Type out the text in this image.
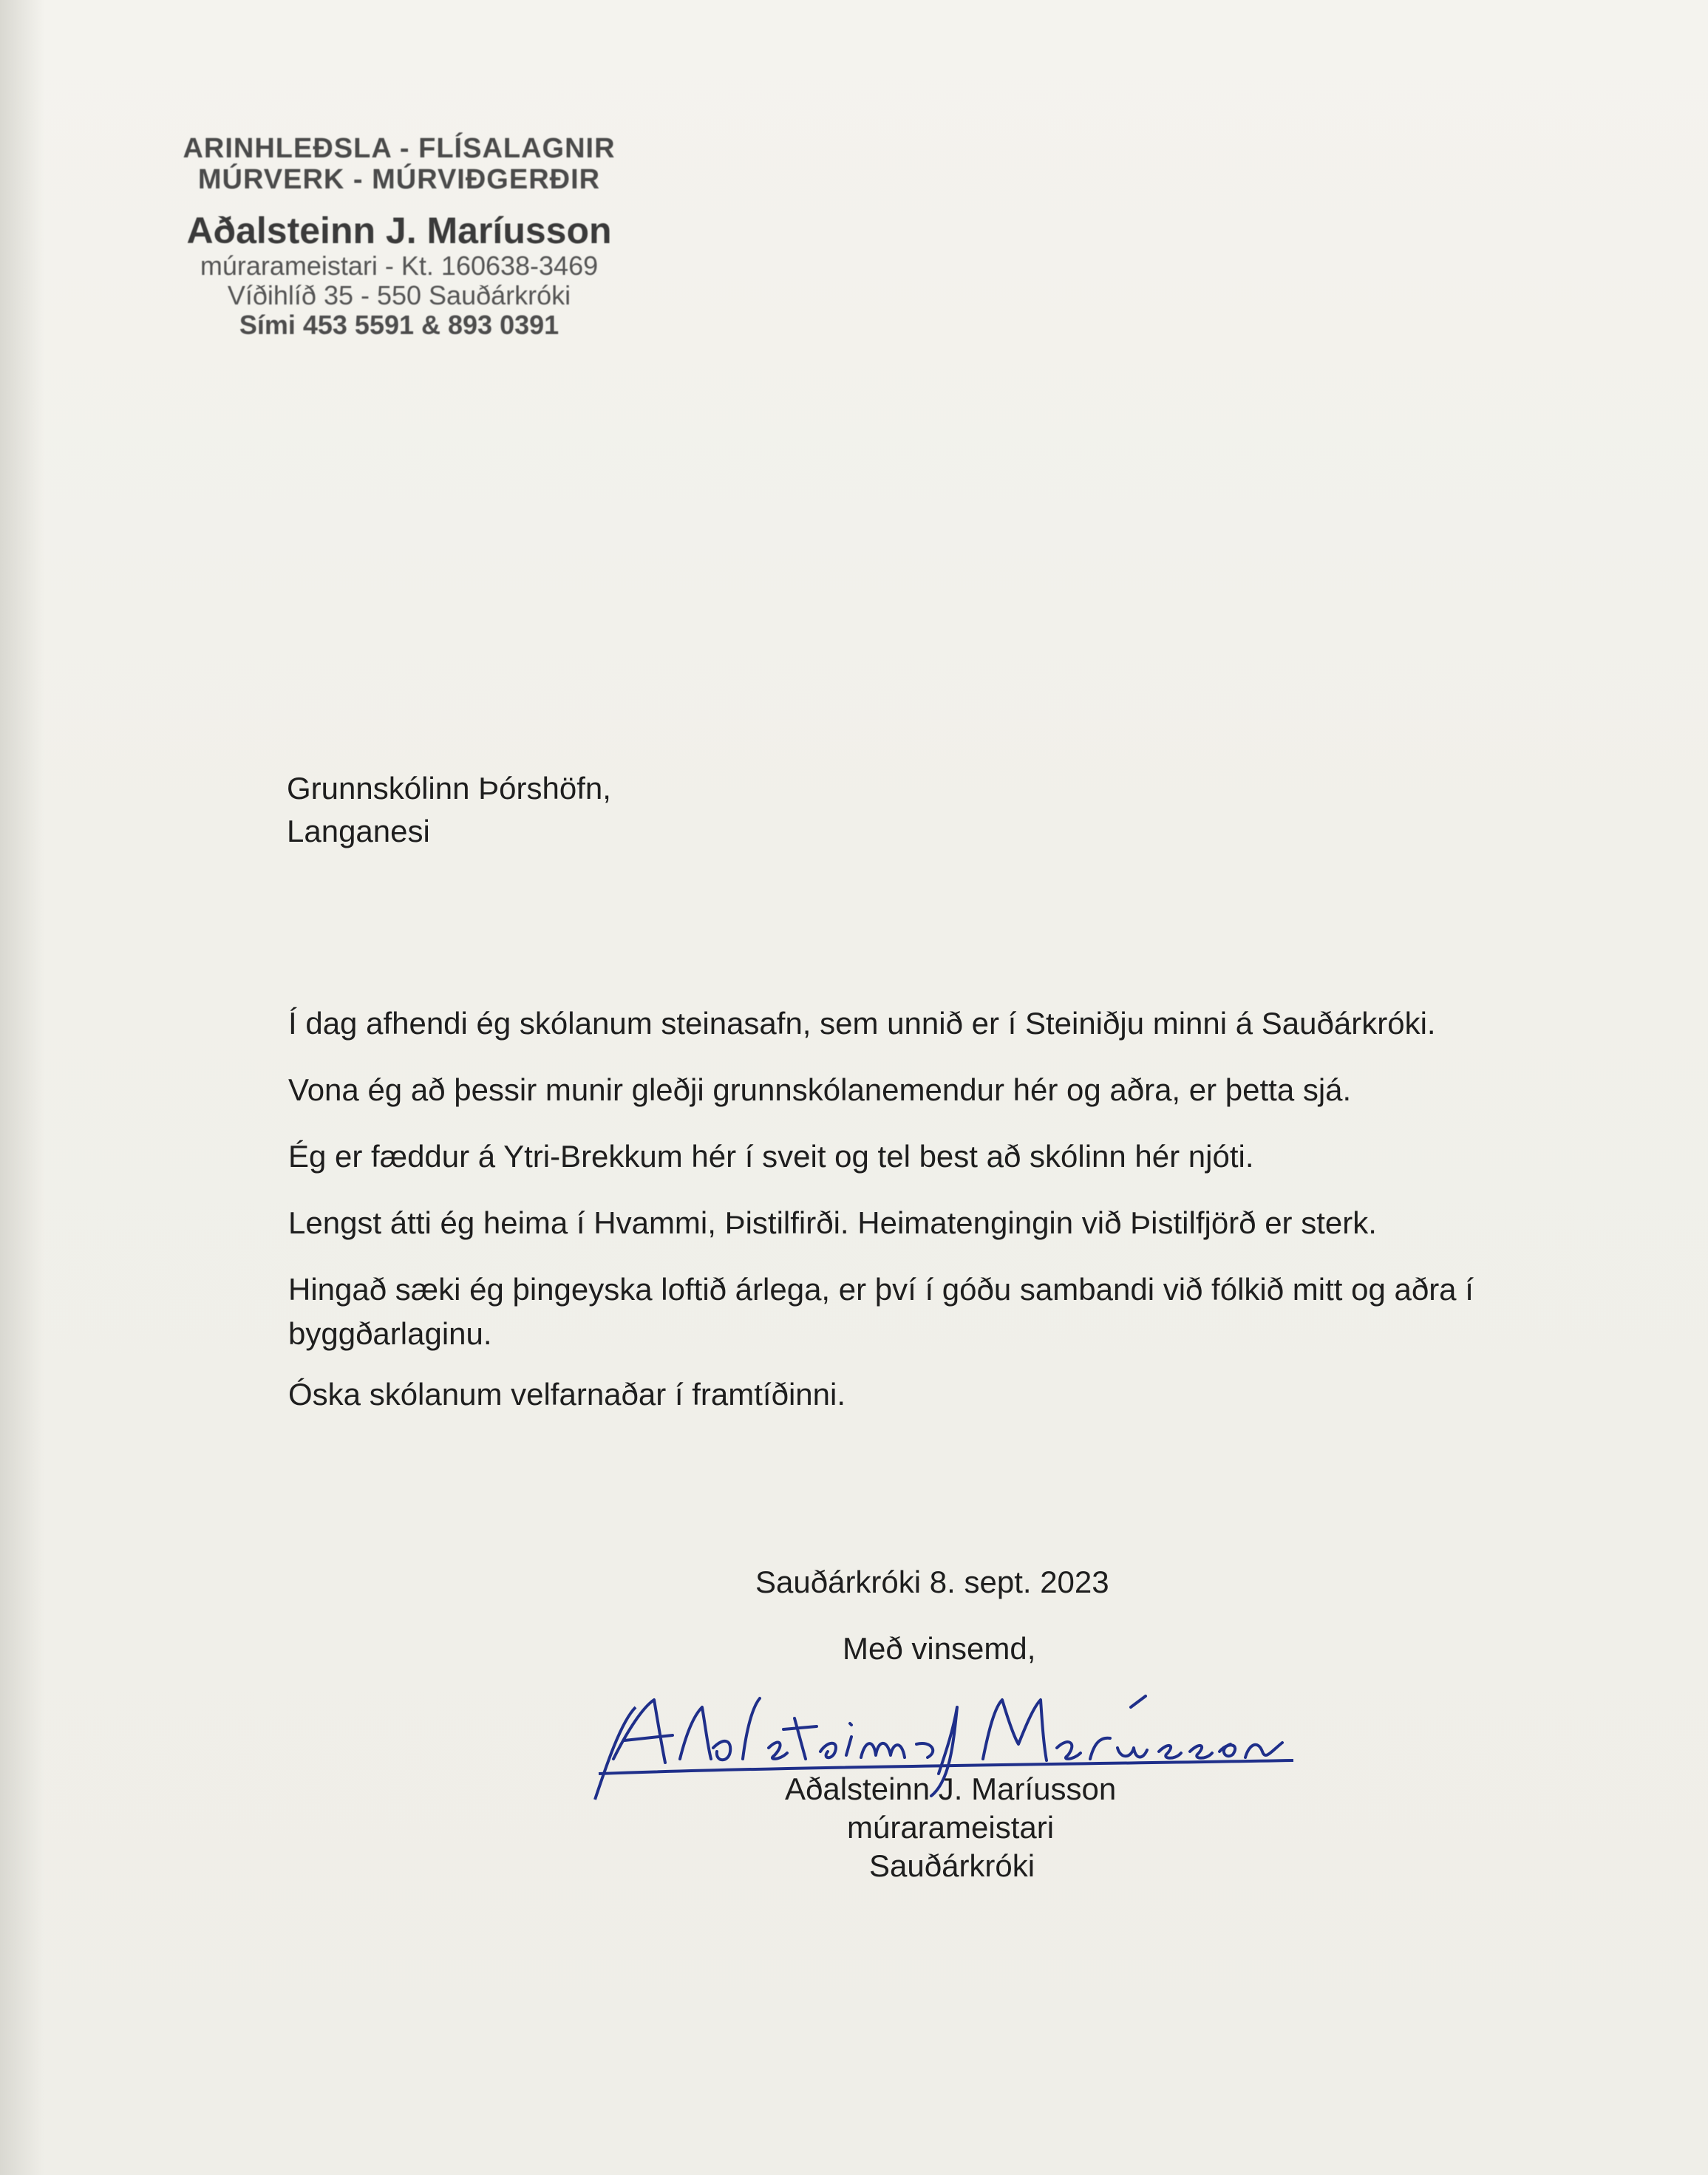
ARINHLEÐSLA - FLÍSALAGNIR
MÚRVERK - MÚRVIÐGERÐIR
Aðalsteinn J. Maríusson
múrarameistari - Kt. 160638-3469
Víðihlíð 35 - 550 Sauðárkróki
Sími 453 5591 & 893 0391
Grunnskólinn Þórshöfn,
Langanesi
Í dag afhendi ég skólanum steinasafn, sem unnið er í Steiniðju minni á Sauðárkróki.
Vona ég að þessir munir gleðji grunnskólanemendur hér og aðra, er þetta sjá.
Ég er fæddur á Ytri-Brekkum hér í sveit og tel best að skólinn hér njóti.
Lengst átti ég heima í Hvammi, Þistilfirði. Heimatengingin við Þistilfjörð er sterk.
Hingað sæki ég þingeyska loftið árlega, er því í góðu sambandi við fólkið mitt og aðra í
byggðarlaginu.
Óska skólanum velfarnaðar í framtíðinni.
Sauðárkróki 8. sept. 2023
Með vinsemd,
Aðalsteinn J. Maríusson
múrarameistari
Sauðárkróki
